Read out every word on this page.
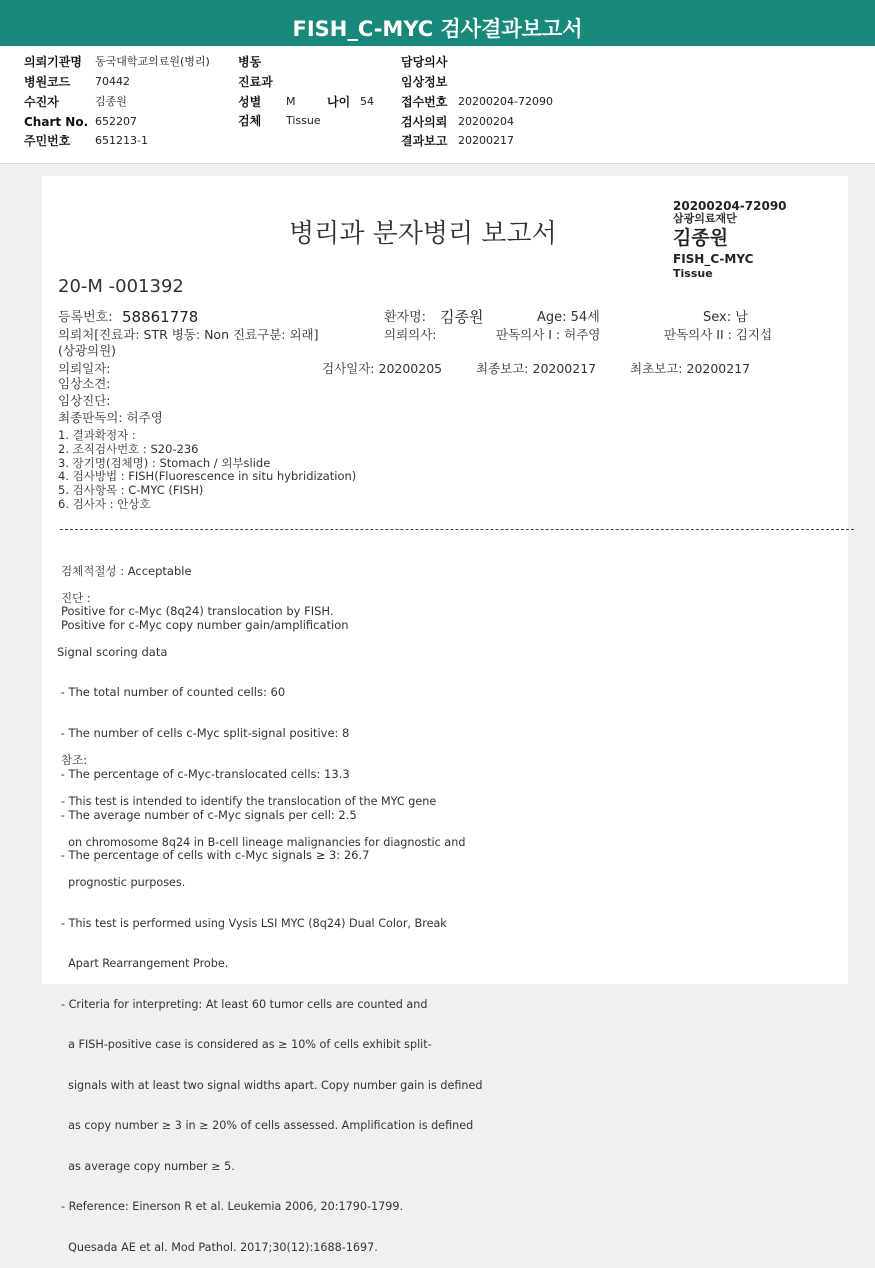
FISH_C-MYC 검사결과보고서
의뢰기관명 동국대학교의료원(병리)
병원코드 70442
수진자	김종원
Chart No. 652207
주민번호 651213-1
병동
진료과
성별 M	나이 54
검체 Tissue
담당의사
임상정보
접수번호 20200204-72090
검사의뢰 20200204
결과보고 20200217
20200204-72090
삼광의료재단
김종원
FISH_C-MYC
Tissue
병리과 분자병리 보고서
20-M -001392
등록번호: 58861778	환자명: 김종원	Age: 54세	Sex: 남
의뢰처[진료과: STR 병동: Non 진료구분: 외래]	의뢰의사:	판독의사 I : 허주영	판독의사 II : 김지섭
(상광의원)
의뢰일자:	검사일자: 20200205	최종보고: 20200217	최초보고: 20200217
임상소견:
임상진단:
최종판독의: 허주영
1. 결과확정자 :
2. 조직검사번호 : S20-236
3. 장기명(검체명) : Stomach / 외부slide
4. 검사방법 : FISH(Fluorescence in situ hybridization)
5. 검사항목 : C-MYC (FISH)
6. 검사자 : 안상호
검체적절성 : Acceptable
진단 :
Positive for c-Myc (8q24) translocation by FISH.
Positive for c-Myc copy number gain/amplification
Signal scoring data

- The total number of counted cells: 60

- The number of cells c-Myc split-signal positive: 8

- The percentage of c-Myc-translocated cells: 13.3

- The average number of c-Myc signals per cell: 2.5

- The percentage of cells with c-Myc signals ≥ 3: 26.7

참조:

- This test is intended to identify the translocation of the MYC gene

on chromosome 8q24 in B-cell lineage malignancies for diagnostic and

prognostic purposes.

- This test is performed using Vysis LSI MYC (8q24) Dual Color, Break

Apart Rearrangement Probe.

- Criteria for interpreting: At least 60 tumor cells are counted and

a FISH-positive case is considered as ≥ 10% of cells exhibit split-

signals with at least two signal widths apart. Copy number gain is defined

as copy number ≥ 3 in ≥ 20% of cells assessed. Amplification is defined

as average copy number ≥ 5.

- Reference: Einerson R et al. Leukemia 2006, 20:1790-1799.

Quesada AE et al. Mod Pathol. 2017;30(12):1688-1697.
